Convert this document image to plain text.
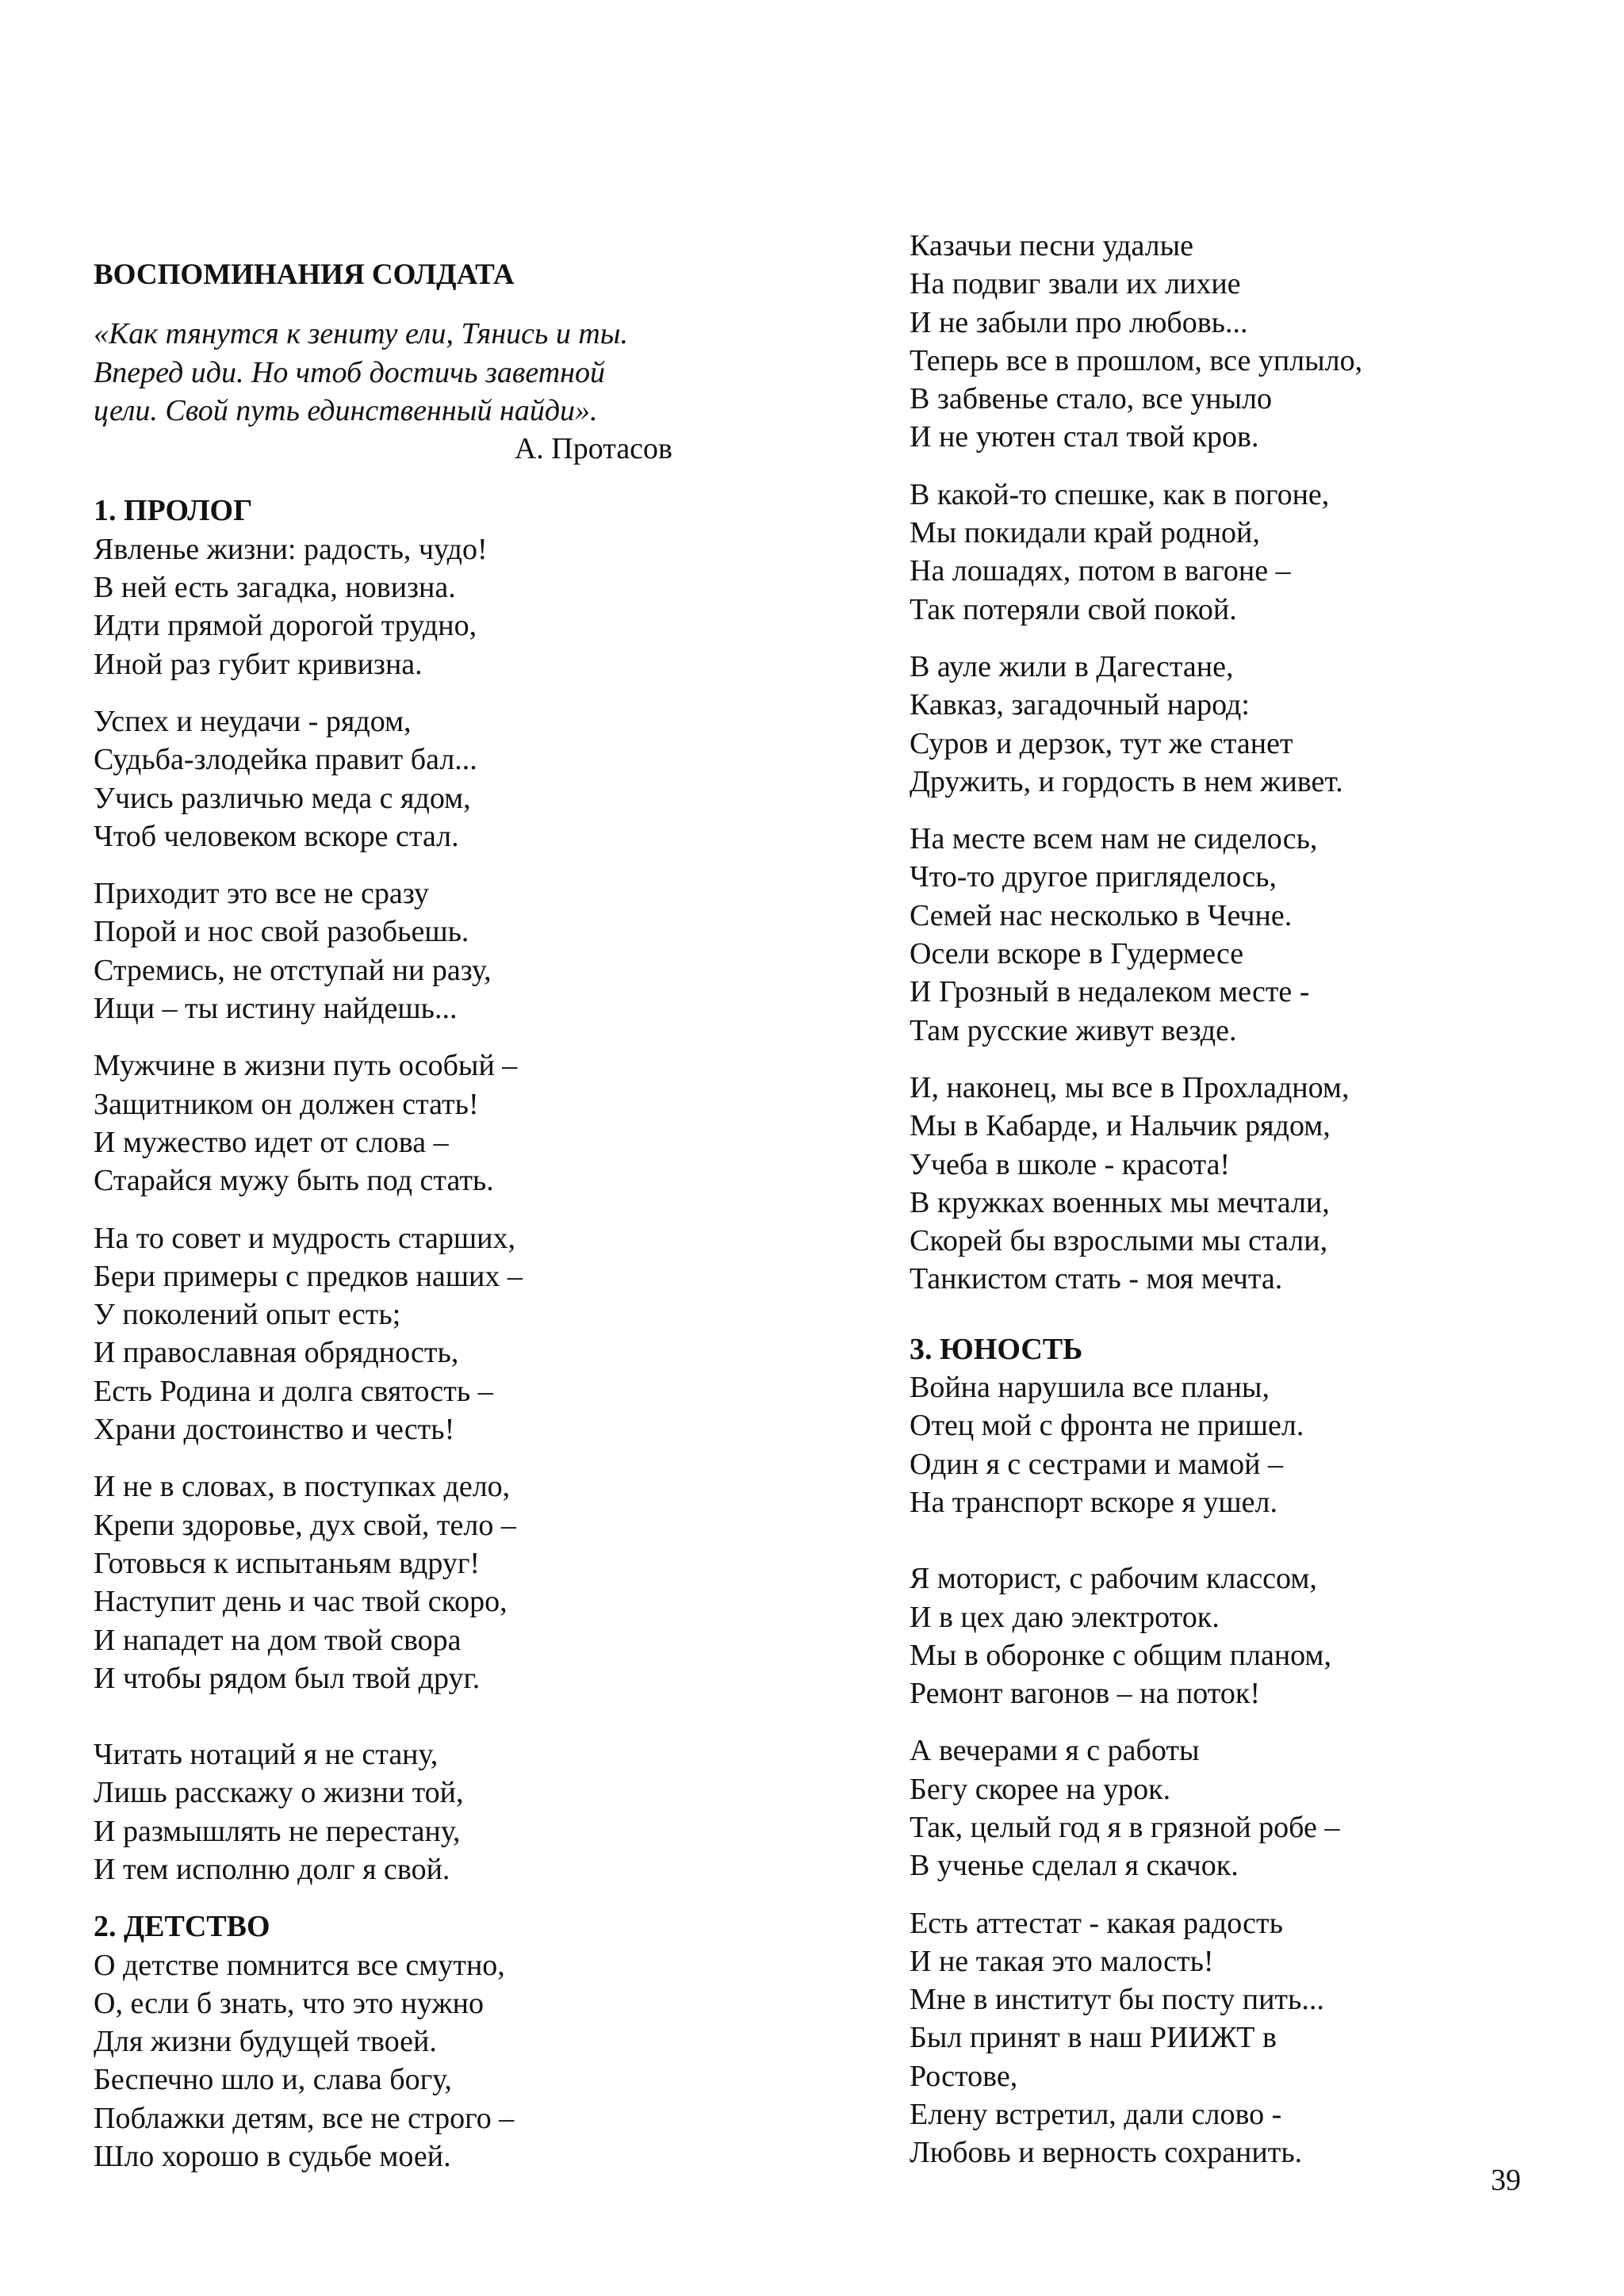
ВОСПОМИНАНИЯ СОЛДАТА
«Как тянутся к зениту ели, Тянись и ты.
Вперед иди. Но чтоб достичь заветной
цели. Свой путь единственный найди».
А. Протасов
1. ПРОЛОГ
Явленье жизни: радость, чудо!
В ней есть загадка, новизна.
Идти прямой дорогой трудно,
Иной раз губит кривизна.
Успех и неудачи - рядом,
Судьба-злодейка правит бал...
Учись различью меда с ядом,
Чтоб человеком вскоре стал.
Приходит это все не сразу
Порой и нос свой разобьешь.
Стремись, не отступай ни разу,
Ищи – ты истину найдешь...
Мужчине в жизни путь особый –
Защитником он должен стать!
И мужество идет от слова –
Старайся мужу быть под стать.
На то совет и мудрость старших,
Бери примеры с предков наших –
У поколений опыт есть;
И православная обрядность,
Есть Родина и долга святость –
Храни достоинство и честь!
И не в словах, в поступках дело,
Крепи здоровье, дух свой, тело –
Готовься к испытаньям вдруг!
Наступит день и час твой скоро,
И нападет на дом твой свора
И чтобы рядом был твой друг.
Читать нотаций я не стану,
Лишь расскажу о жизни той,
И размышлять не перестану,
И тем исполню долг я свой.
2. ДЕТСТВО
О детстве помнится все смутно,
О, если б знать, что это нужно
Для жизни будущей твоей.
Беспечно шло и, слава богу,
Поблажки детям, все не строго –
Шло хорошо в судьбе моей.
Казачьи песни удалые
На подвиг звали их лихие
И не забыли про любовь...
Теперь все в прошлом, все уплыло,
В забвенье стало, все уныло
И не уютен стал твой кров.
В какой-то спешке, как в погоне,
Мы покидали край родной,
На лошадях, потом в вагоне –
Так потеряли свой покой.
В ауле жили в Дагестане,
Кавказ, загадочный народ:
Суров и дерзок, тут же станет
Дружить, и гордость в нем живет.
На месте всем нам не сиделось,
Что-то другое пригляделось,
Семей нас несколько в Чечне.
Осели вскоре в Гудермесе
И Грозный в недалеком месте -
Там русские живут везде.
И, наконец, мы все в Прохладном,
Мы в Кабарде, и Нальчик рядом,
Учеба в школе - красота!
В кружках военных мы мечтали,
Скорей бы взрослыми мы стали,
Танкистом стать - моя мечта.
3. ЮНОСТЬ
Война нарушила все планы,
Отец мой с фронта не пришел.
Один я с сестрами и мамой –
На транспорт вскоре я ушел.
Я моторист, с рабочим классом,
И в цех даю электроток.
Мы в оборонке с общим планом,
Ремонт вагонов – на поток!
А вечерами я с работы
Бегу скорее на урок.
Так, целый год я в грязной робе –
В ученье сделал я скачок.
Есть аттестат - какая радость
И не такая это малость!
Мне в институт бы посту пить...
Был принят в наш РИИЖТ в
Ростове,
Елену встретил, дали слово -
Любовь и верность сохранить.
39
